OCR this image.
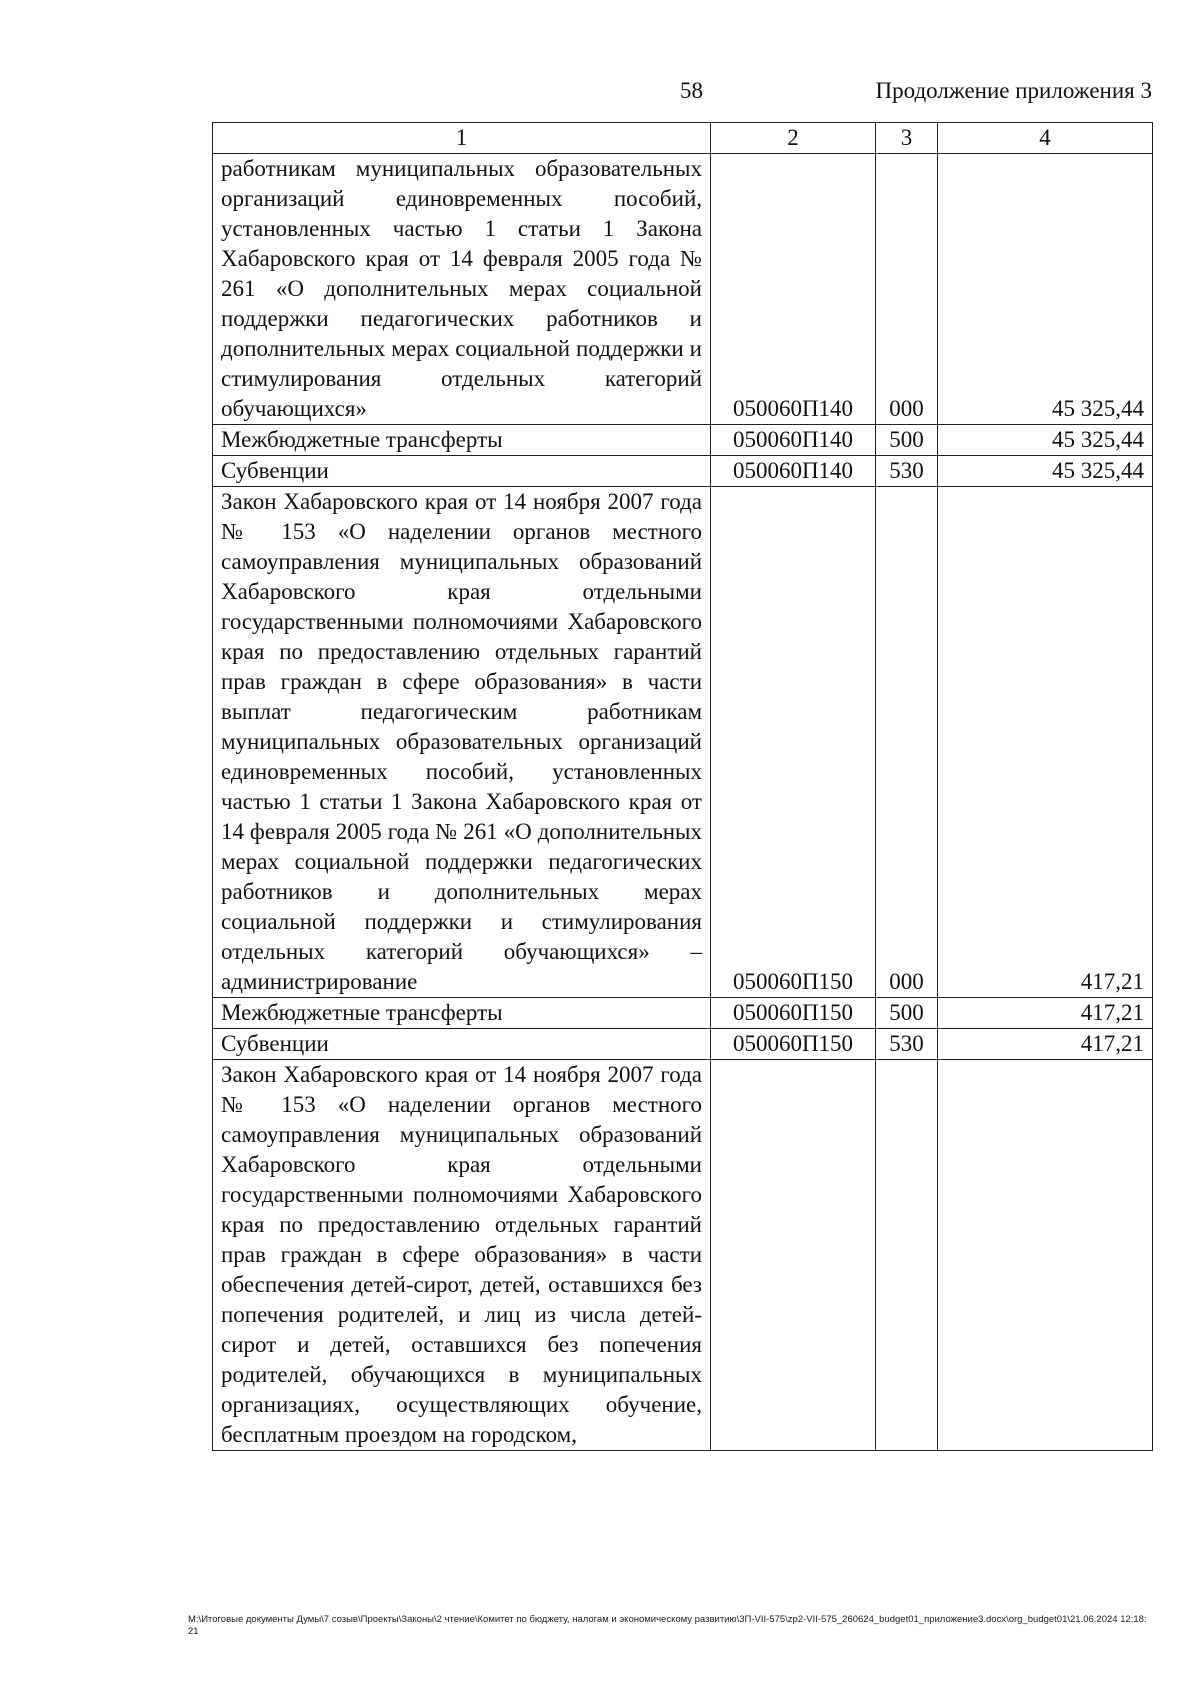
58	Продолжение приложения 3
1	2	3	4
работникам муниципальных образовательных организаций единовременных пособий, установленных частью 1 статьи 1 Закона Хабаровского края от 14 февраля 2005 года № 261 «О дополнительных мерах социальной поддержки педагогических работников и дополнительных мерах социальной поддержки и стимулирования отдельных категорий обучающихся»	050060П140	000	45 325,44
Межбюджетные трансферты	050060П140	500	45 325,44
Субвенции	050060П140	530	45 325,44
Закон Хабаровского края от 14 ноября 2007 года № 153 «О наделении органов местного самоуправления муниципальных образований Хабаровского края отдельными государственными полномочиями Хабаровского края по предоставлению отдельных гарантий прав граждан в сфере образования» в части выплат педагогическим работникам муниципальных образовательных организаций единовременных пособий, установленных частью 1 статьи 1 Закона Хабаровского края от 14 февраля 2005 года № 261 «О дополнительных мерах социальной поддержки педагогических работников и дополнительных мерах социальной поддержки и стимулирования отдельных категорий обучающихся» – администрирование	050060П150	000	417,21
Межбюджетные трансферты	050060П150	500	417,21
Субвенции	050060П150	530	417,21
Закон Хабаровского края от 14 ноября 2007 года № 153 «О наделении органов местного самоуправления муниципальных образований Хабаровского края отдельными государственными полномочиями Хабаровского края по предоставлению отдельных гарантий прав граждан в сфере образования» в части обеспечения детей-сирот, детей, оставшихся без попечения родителей, и лиц из числа детей-сирот и детей, оставшихся без попечения родителей, обучающихся в муниципальных организациях, осуществляющих обучение, бесплатным проездом на городском,			
M:\Итоговые документы Думы\7 созыв\Проекты\Законы\2 чтение\Комитет по бюджету, налогам и экономическому развитию\3П-VII-575\zp2-VII-575_260624_budget01_приложение3.docx\org_budget01\21.06.2024 12:18:21
